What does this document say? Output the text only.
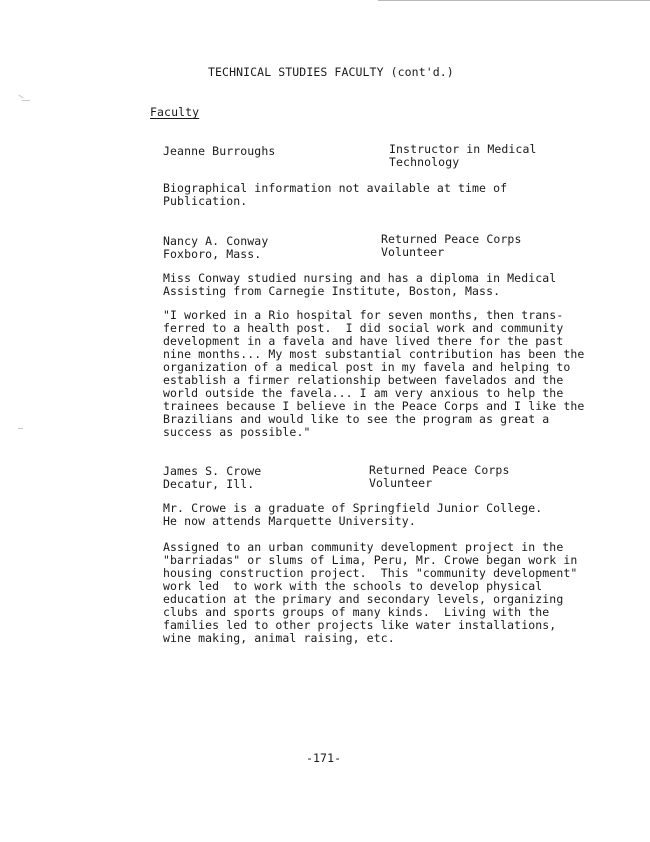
TECHNICAL STUDIES FACULTY (cont'd.)
Faculty
Jeanne Burroughs	Instructor in Medical
Technology
Biographical information not available at time of
Publication.
Nancy A. Conway
Foxboro, Mass.
Returned Peace Corps
Volunteer
Miss Conway studied nursing and has a diploma in Medical
Assisting from Carnegie Institute, Boston, Mass.
"I worked in a Rio hospital for seven months, then trans-
ferred to a health post.  I did social work and community
development in a favela and have lived there for the past
nine months... My most substantial contribution has been the
organization of a medical post in my favela and helping to
establish a firmer relationship between favelados and the
world outside the favela... I am very anxious to help the
trainees because I believe in the Peace Corps and I like the
Brazilians and would like to see the program as great a
success as possible."
James S. Crowe
Decatur, Ill.
Returned Peace Corps
Volunteer
Mr. Crowe is a graduate of Springfield Junior College.
He now attends Marquette University.
Assigned to an urban community development project in the
"barriadas" or slums of Lima, Peru, Mr. Crowe began work in
housing construction project.  This "community development"
work led  to work with the schools to develop physical
education at the primary and secondary levels, organizing
clubs and sports groups of many kinds.  Living with the
families led to other projects like water installations,
wine making, animal raising, etc.
-171-
